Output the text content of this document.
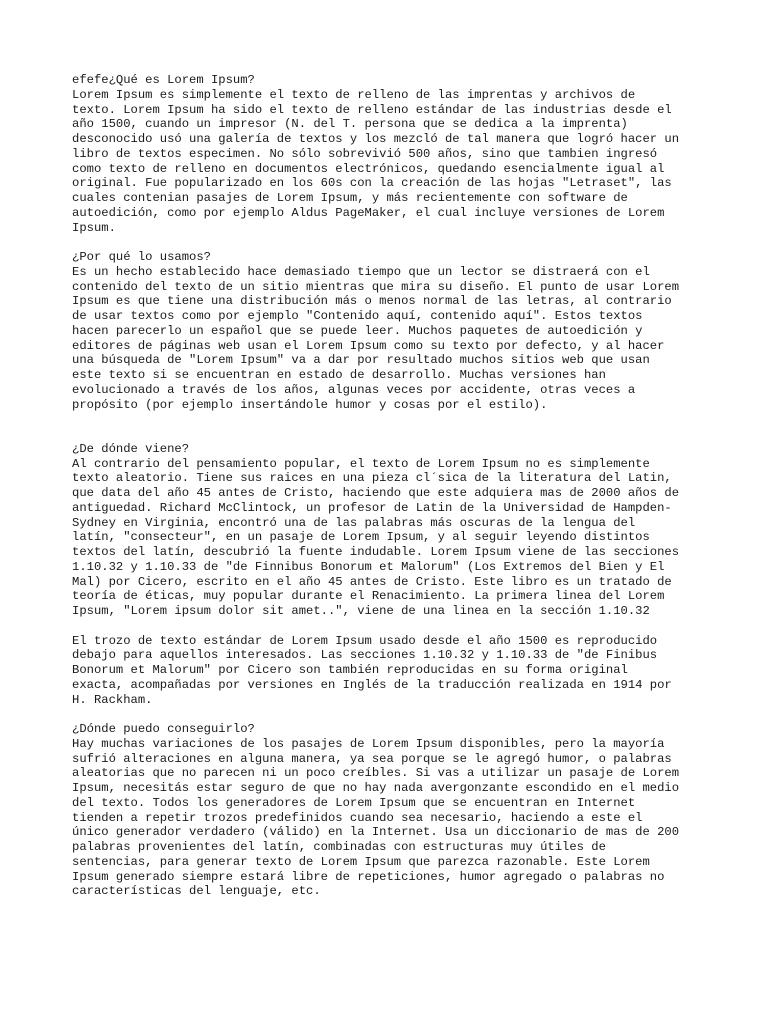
efefe¿Qué es Lorem Ipsum?
Lorem Ipsum es simplemente el texto de relleno de las imprentas y archivos de
texto. Lorem Ipsum ha sido el texto de relleno estándar de las industrias desde el
año 1500, cuando un impresor (N. del T. persona que se dedica a la imprenta)
desconocido usó una galería de textos y los mezcló de tal manera que logró hacer un
libro de textos especimen. No sólo sobrevivió 500 años, sino que tambien ingresó
como texto de relleno en documentos electrónicos, quedando esencialmente igual al
original. Fue popularizado en los 60s con la creación de las hojas "Letraset", las
cuales contenian pasajes de Lorem Ipsum, y más recientemente con software de
autoedición, como por ejemplo Aldus PageMaker, el cual incluye versiones de Lorem
Ipsum.
¿Por qué lo usamos?
Es un hecho establecido hace demasiado tiempo que un lector se distraerá con el
contenido del texto de un sitio mientras que mira su diseño. El punto de usar Lorem
Ipsum es que tiene una distribución más o menos normal de las letras, al contrario
de usar textos como por ejemplo "Contenido aquí, contenido aquí". Estos textos
hacen parecerlo un español que se puede leer. Muchos paquetes de autoedición y
editores de páginas web usan el Lorem Ipsum como su texto por defecto, y al hacer
una búsqueda de "Lorem Ipsum" va a dar por resultado muchos sitios web que usan
este texto si se encuentran en estado de desarrollo. Muchas versiones han
evolucionado a través de los años, algunas veces por accidente, otras veces a
propósito (por ejemplo insertándole humor y cosas por el estilo).
¿De dónde viene?
Al contrario del pensamiento popular, el texto de Lorem Ipsum no es simplemente
texto aleatorio. Tiene sus raices en una pieza cl´sica de la literatura del Latin,
que data del año 45 antes de Cristo, haciendo que este adquiera mas de 2000 años de
antiguedad. Richard McClintock, un profesor de Latin de la Universidad de Hampden-
Sydney en Virginia, encontró una de las palabras más oscuras de la lengua del
latín, "consecteur", en un pasaje de Lorem Ipsum, y al seguir leyendo distintos
textos del latín, descubrió la fuente indudable. Lorem Ipsum viene de las secciones
1.10.32 y 1.10.33 de "de Finnibus Bonorum et Malorum" (Los Extremos del Bien y El
Mal) por Cicero, escrito en el año 45 antes de Cristo. Este libro es un tratado de
teoría de éticas, muy popular durante el Renacimiento. La primera linea del Lorem
Ipsum, "Lorem ipsum dolor sit amet..", viene de una linea en la sección 1.10.32
El trozo de texto estándar de Lorem Ipsum usado desde el año 1500 es reproducido
debajo para aquellos interesados. Las secciones 1.10.32 y 1.10.33 de "de Finibus
Bonorum et Malorum" por Cicero son también reproducidas en su forma original
exacta, acompañadas por versiones en Inglés de la traducción realizada en 1914 por
H. Rackham.
¿Dónde puedo conseguirlo?
Hay muchas variaciones de los pasajes de Lorem Ipsum disponibles, pero la mayoría
sufrió alteraciones en alguna manera, ya sea porque se le agregó humor, o palabras
aleatorias que no parecen ni un poco creíbles. Si vas a utilizar un pasaje de Lorem
Ipsum, necesitás estar seguro de que no hay nada avergonzante escondido en el medio
del texto. Todos los generadores de Lorem Ipsum que se encuentran en Internet
tienden a repetir trozos predefinidos cuando sea necesario, haciendo a este el
único generador verdadero (válido) en la Internet. Usa un diccionario de mas de 200
palabras provenientes del latín, combinadas con estructuras muy útiles de
sentencias, para generar texto de Lorem Ipsum que parezca razonable. Este Lorem
Ipsum generado siempre estará libre de repeticiones, humor agregado o palabras no
características del lenguaje, etc.
